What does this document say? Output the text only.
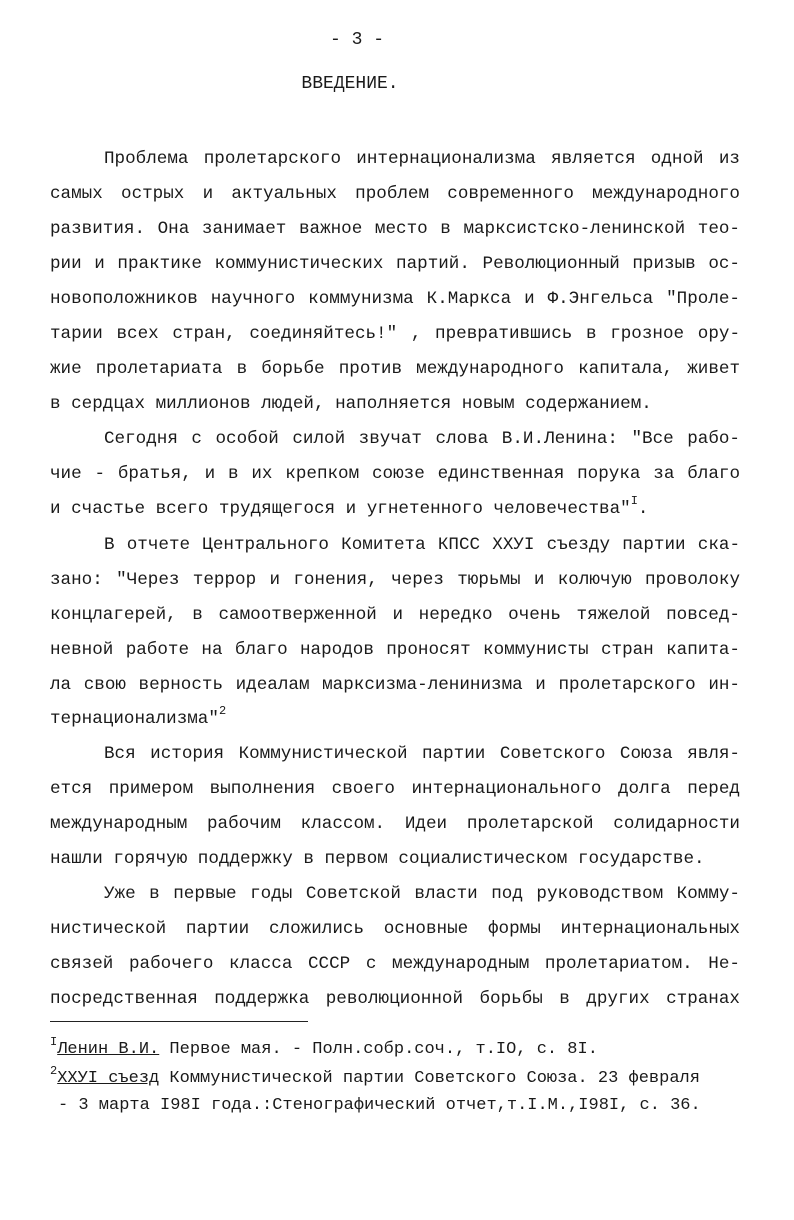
- 3 -
ВВЕДЕНИЕ.
Проблема пролетарского интернационализма является одной из
самых острых и актуальных проблем современного международного
развития. Она занимает важное место в марксистско-ленинской тео-
рии и практике коммунистических партий. Революционный призыв ос-
новоположников научного коммунизма К.Маркса и Ф.Энгельса "Проле-
тарии всех стран, соединяйтесь!" , превратившись в грозное ору-
жие пролетариата в борьбе против международного капитала, живет
в сердцах миллионов людей, наполняется новым содержанием.
Сегодня с особой силой звучат слова В.И.Ленина: "Все рабо-
чие - братья, и в их крепком союзе единственная порука за благо
и счастье всего трудящегося и угнетенного человечества"$^I$.
В отчете Центрального Комитета КПСС ХХУI съезду партии ска-
зано: "Через террор и гонения, через тюрьмы и колючую проволоку
концлагерей, в самоотверженной и нередко очень тяжелой повсед-
невной работе на благо народов проносят коммунисты стран капита-
ла свою верность идеалам марксизма-ленинизма и пролетарского ин-
тернационализма"$^2$
Вся история Коммунистической партии Советского Союза явля-
ется примером выполнения своего интернационального долга перед
международным рабочим классом. Идеи пролетарской солидарности
нашли горячую поддержку в первом социалистическом государстве.
Уже в первые годы Советской власти под руководством Комму-
нистической партии сложились основные формы интернациональных
связей рабочего класса СССР с международным пролетариатом. Не-
посредственная поддержка революционной борьбы в других странах
$^I$Ленин В.И. Первое мая. - Полн.собр.соч., т.IO, с. 8I.
$^2$ХХУI съезд Коммунистической партии Советского Союза. 23 февраля
- 3 марта I98I года.:Стенографический отчет,т.I.М.,I98I, с. 36.
